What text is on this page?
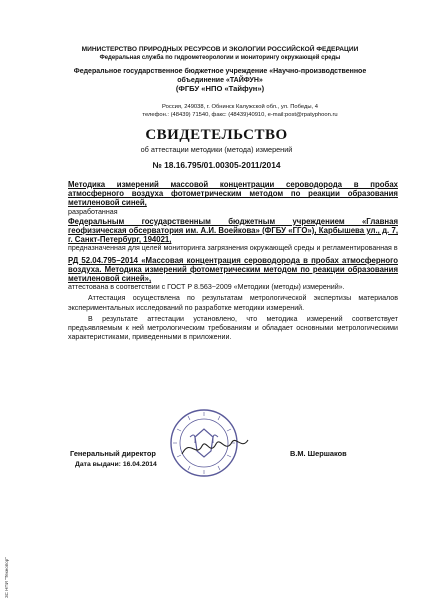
МИНИСТЕРСТВО ПРИРОДНЫХ РЕСУРСОВ И ЭКОЛОГИИ РОССИЙСКОЙ ФЕДЕРАЦИИ
Федеральная служба по гидрометеорологии и мониторингу окружающей среды
Федеральное государственное бюджетное учреждение «Научно-производственное
объединение «ТАЙФУН»
(ФГБУ «НПО «Тайфун»)
Россия, 249038, г. Обнинск Калужской обл., ул. Победы, 4
телефон.: (48439) 71540, факс: (48439)40910, e-mail:post@rpatyphoon.ru
СВИДЕТЕЛЬСТВО
об аттестации методики (метода) измерений
№ 18.16.795/01.00305-2011/2014

Методика измерений массовой концентрации сероводорода в пробах атмосферного воздуха фотометрическим методом по реакции образования метиленовой синей,

разработанная

Федеральным государственным бюджетным учреждением «Главная геофизическая обсерватория им. А.И. Воейкова» (ФГБУ «ГГО»), Карбышева ул., д. 7, г. Санкт-Петербург, 194021,

предназначенная для целей мониторинга загрязнения окружающей среды и регламентированная в

РД 52.04.795−2014 «Массовая концентрация сероводорода в пробах атмосферного воздуха. Методика измерений фотометрическим методом по реакции образования метиленовой синей»,

аттестована в соответствии с ГОСТ Р 8.563−2009 «Методики (методы) измерений».

Аттестация осуществлена по результатам метрологической экспертизы материалов экспериментальных исследований по разработке методики измерений.

В результате аттестации установлено, что методика измерений соответствует предъявляемым к ней метрологическим требованиям и обладает основными метрологическими характеристиками, приведенными в приложении.

Генеральный директор	В.М. Шершаков
Дата выдачи: 16.04.2014
ЗС НПИ "Технопор"
